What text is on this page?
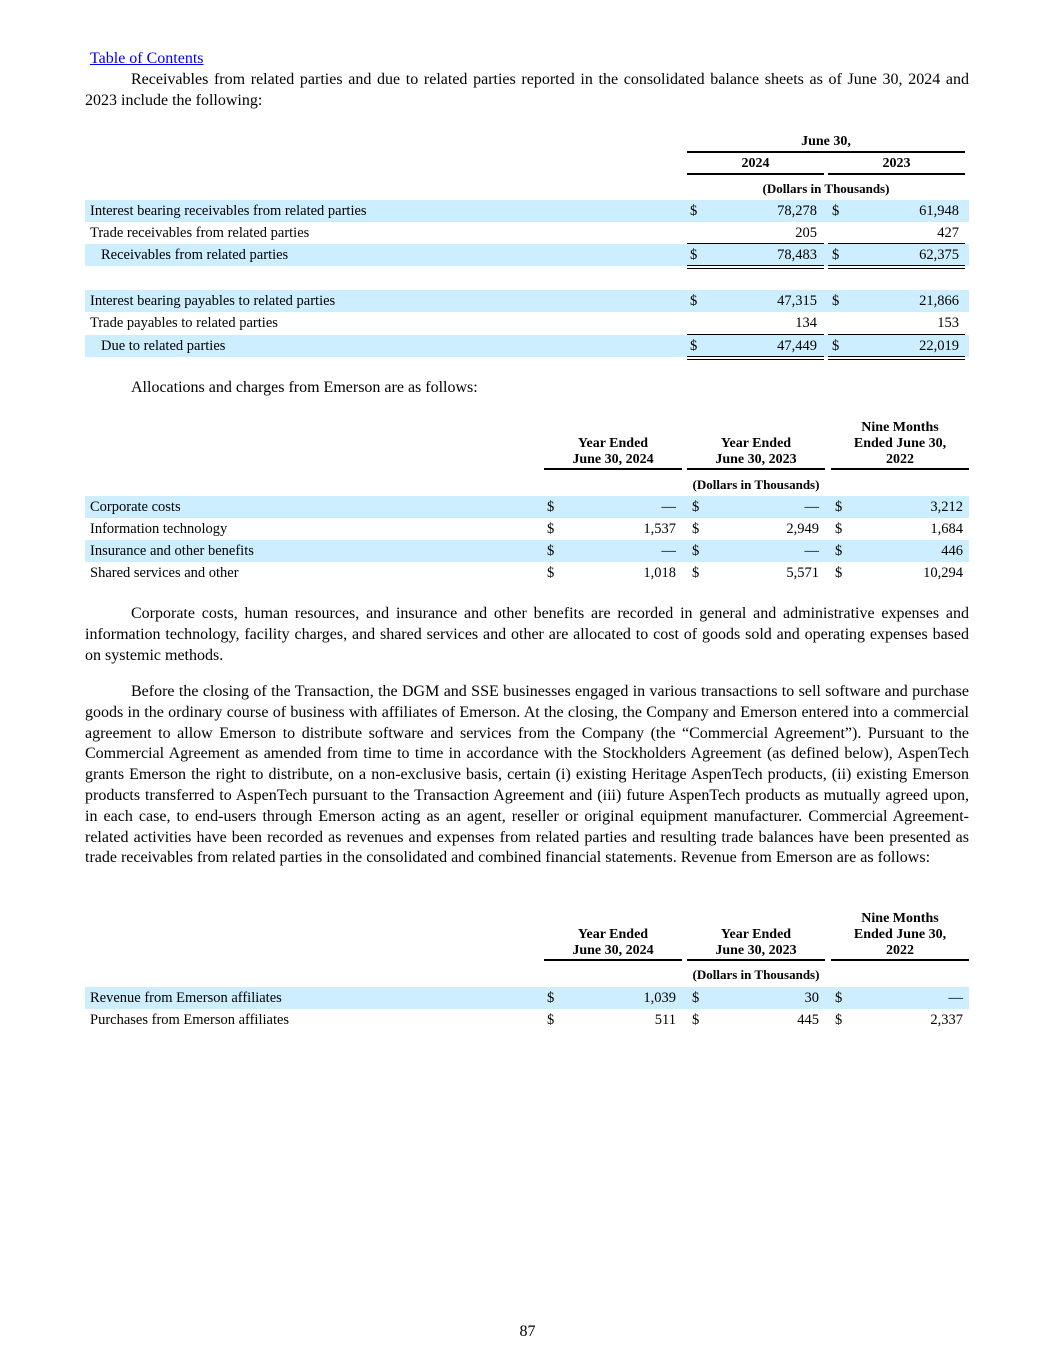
Table of Contents

Receivables from related parties and due to related parties reported in the consolidated balance sheets as of June 30, 2024 and 2023 include the following:

June 30,
2024	2023
(Dollars in Thousands)
Interest bearing receivables from related parties	$	78,278 $	61,948
Trade receivables from related parties	205	427
Receivables from related parties	$	78,483 $	62,375
Interest bearing payables to related parties	$	47,315 $	21,866
Trade payables to related parties	134	153
Due to related parties	$	47,449 $	22,019

Allocations and charges from Emerson are as follows:

Year Ended
June 30, 2024
Year Ended
June 30, 2023
Nine Months
Ended June 30,
2022
(Dollars in Thousands)
Corporate costs	$	— $	— $	3,212
Information technology	$	1,537 $	2,949 $	1,684
Insurance and other benefits	$	— $	— $	446
Shared services and other	$	1,018 $	5,571 $	10,294

Corporate costs, human resources, and insurance and other benefits are recorded in general and administrative expenses and information technology, facility charges, and shared services and other are allocated to cost of goods sold and operating expenses based on systemic methods.

Before the closing of the Transaction, the DGM and SSE businesses engaged in various transactions to sell software and purchase goods in the ordinary course of business with affiliates of Emerson. At the closing, the Company and Emerson entered into a commercial agreement to allow Emerson to distribute software and services from the Company (the “Commercial Agreement”). Pursuant to the Commercial Agreement as amended from time to time in accordance with the Stockholders Agreement (as defined below), AspenTech grants Emerson the right to distribute, on a non-exclusive basis, certain (i) existing Heritage AspenTech products, (ii) existing Emerson products transferred to AspenTech pursuant to the Transaction Agreement and (iii) future AspenTech products as mutually agreed upon, in each case, to end-users through Emerson acting as an agent, reseller or original equipment manufacturer. Commercial Agreement-related activities have been recorded as revenues and expenses from related parties and resulting trade balances have been presented as trade receivables from related parties in the consolidated and combined financial statements. Revenue from Emerson are as follows:

Year Ended
June 30, 2024
Year Ended
June 30, 2023
Nine Months
Ended June 30,
2022
(Dollars in Thousands)
Revenue from Emerson affiliates	$	1,039 $	30 $	—
Purchases from Emerson affiliates	$	511 $	445 $	2,337
87
